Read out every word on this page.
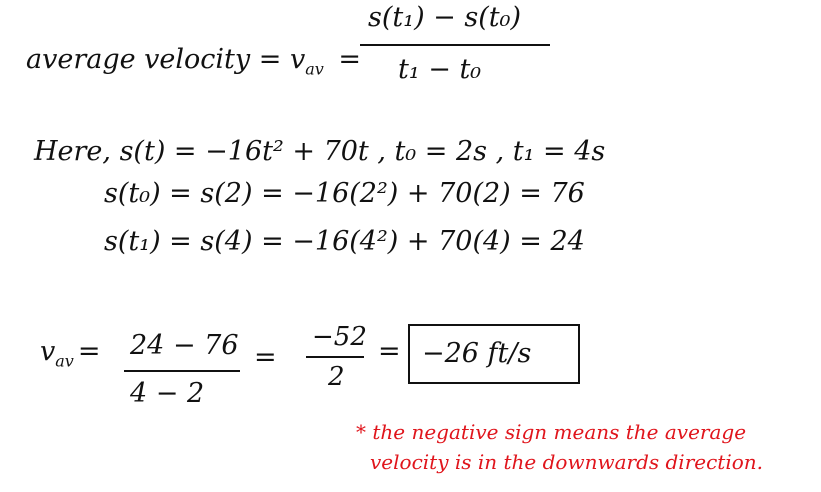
average velocity = $v_{av}$ =
s(t₁) − s(t₀)
t₁ − t₀
Here, s(t) = −16t² + 70t , t₀ = 2s , t₁ = 4s
s(t₀) = s(2) = −16(2²) + 70(2) = 76
s(t₁) = s(4) = −16(4²) + 70(4) = 24
$v_{av} = 24 - 76$
4 − 2
=
−52
2
= −26 ft/s
* the negative sign means the average
velocity is in the downwards direction.
